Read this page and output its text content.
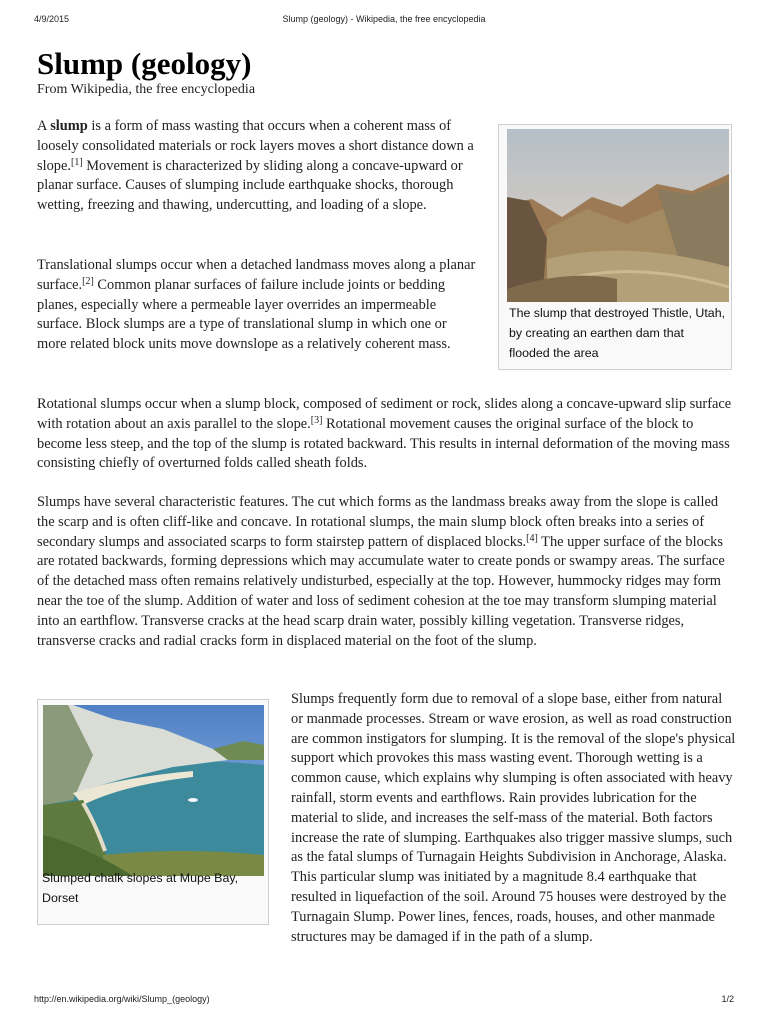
4/9/2015	Slump (geology) - Wikipedia, the free encyclopedia
Slump (geology)
From Wikipedia, the free encyclopedia

A slump is a form of mass wasting that occurs when a coherent mass of loosely consolidated materials or rock layers moves a short distance down a slope.[1] Movement is characterized by sliding along a concave-upward or planar surface. Causes of slumping include earthquake shocks, thorough wetting, freezing and thawing, undercutting, and loading of a slope.

Translational slumps occur when a detached landmass moves along a planar surface.[2] Common planar surfaces of failure include joints or bedding planes, especially where a permeable layer overrides an impermeable surface. Block slumps are a type of translational slump in which one or more related block units move downslope as a relatively coherent mass.

The slump that destroyed Thistle, Utah, by creating an earthen dam that flooded the area

Rotational slumps occur when a slump block, composed of sediment or rock, slides along a concave-upward slip surface with rotation about an axis parallel to the slope.[3] Rotational movement causes the original surface of the block to become less steep, and the top of the slump is rotated backward. This results in internal deformation of the moving mass consisting chiefly of overturned folds called sheath folds.

Slumps have several characteristic features. The cut which forms as the landmass breaks away from the slope is called the scarp and is often cliff-like and concave. In rotational slumps, the main slump block often breaks into a series of secondary slumps and associated scarps to form stairstep pattern of displaced blocks.[4] The upper surface of the blocks are rotated backwards, forming depressions which may accumulate water to create ponds or swampy areas. The surface of the detached mass often remains relatively undisturbed, especially at the top. However, hummocky ridges may form near the toe of the slump. Addition of water and loss of sediment cohesion at the toe may transform slumping material into an earthflow. Transverse cracks at the head scarp drain water, possibly killing vegetation. Transverse ridges, transverse cracks and radial cracks form in displaced material on the foot of the slump.

Slumped chalk slopes at Mupe Bay, Dorset
Slumps frequently form due to removal of a slope base, either from natural or manmade processes. Stream or wave erosion, as well as road construction are common instigators for slumping. It is the removal of the slope's physical support which provokes this mass wasting event. Thorough wetting is a common cause, which explains why slumping is often associated with heavy rainfall, storm events and earthflows. Rain provides lubrication for the material to slide, and increases the self-mass of the material. Both factors increase the rate of slumping. Earthquakes also trigger massive slumps, such as the fatal slumps of Turnagain Heights Subdivision in Anchorage, Alaska. This particular slump was initiated by a magnitude 8.4 earthquake that resulted in liquefaction of the soil. Around 75 houses were destroyed by the Turnagain Slump. Power lines, fences, roads, houses, and other manmade structures may be damaged if in the path of a slump.
http://en.wikipedia.org/wiki/Slump_(geology)	1/2
